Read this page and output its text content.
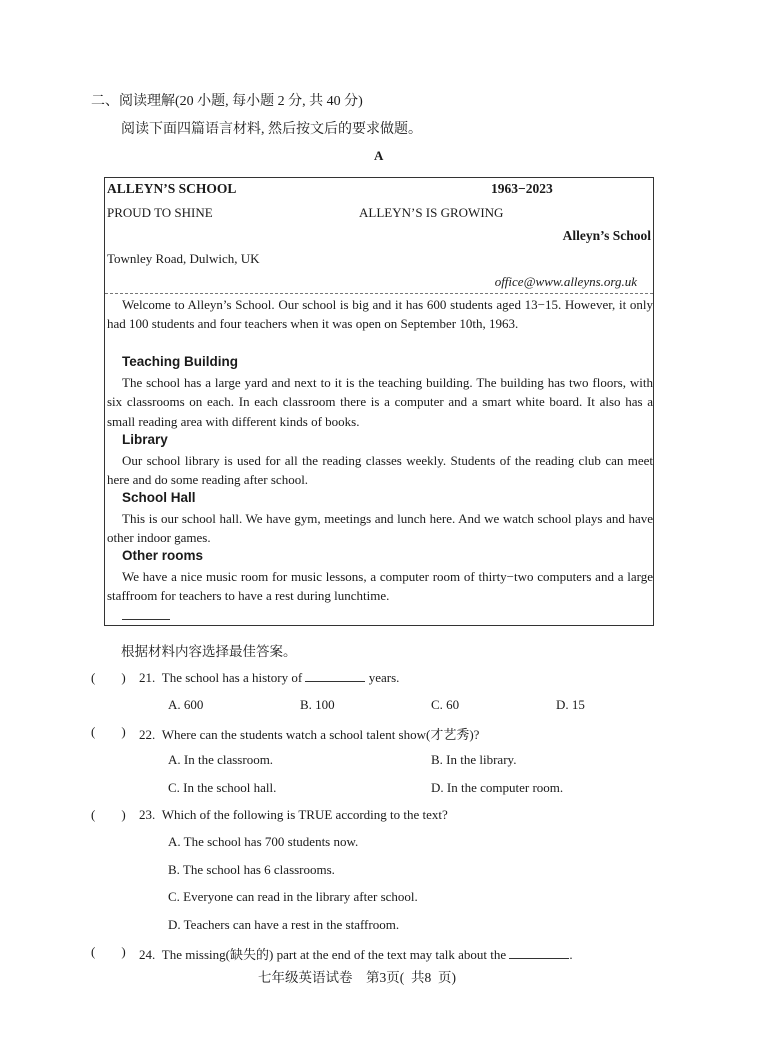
二、阅读理解(20 小题, 每小题 2 分, 共 40 分)
阅读下面四篇语言材料, 然后按文后的要求做题。
A
ALLEYN’S SCHOOL	1963−2023
PROUD TO SHINE	ALLEYN’S IS GROWING
Alleyn’s School
Townley Road, Dulwich, UK
office@www.alleyns.org.uk
Welcome to Alleyn’s School. Our school is big and it has 600 students aged 13−15. However, it only had 100 students and four teachers when it was open on September 10th, 1963.
Teaching Building
The school has a large yard and next to it is the teaching building. The building has two floors, with six classrooms on each. In each classroom there is a computer and a smart white board. It also has a small reading area with different kinds of books.
Library
Our school library is used for all the reading classes weekly. Students of the reading club can meet here and do some reading after school.
School Hall
This is our school hall. We have gym, meetings and lunch here. And we watch school plays and have other indoor games.
Other rooms
We have a nice music room for music lessons, a computer room of thirty−two computers and a large staffroom for teachers to have a rest during lunchtime.
根据材料内容选择最佳答案。
(  ) 21. The school has a history of	years.
A. 600	B. 100	C. 60	D. 15
(  ) 22. Where can the students watch a school talent show(才艺秀)?
A. In the classroom.	B. In the library.
C. In the school hall.	D. In the computer room.
(  ) 23. Which of the following is TRUE according to the text?
A. The school has 700 students now.
B. The school has 6 classrooms.
C. Everyone can read in the library after school.
D. Teachers can have a rest in the staffroom.
(  ) 24. The missing(缺失的) part at the end of the text may talk about the	.
七年级英语试卷 第3页( 共8 页)
